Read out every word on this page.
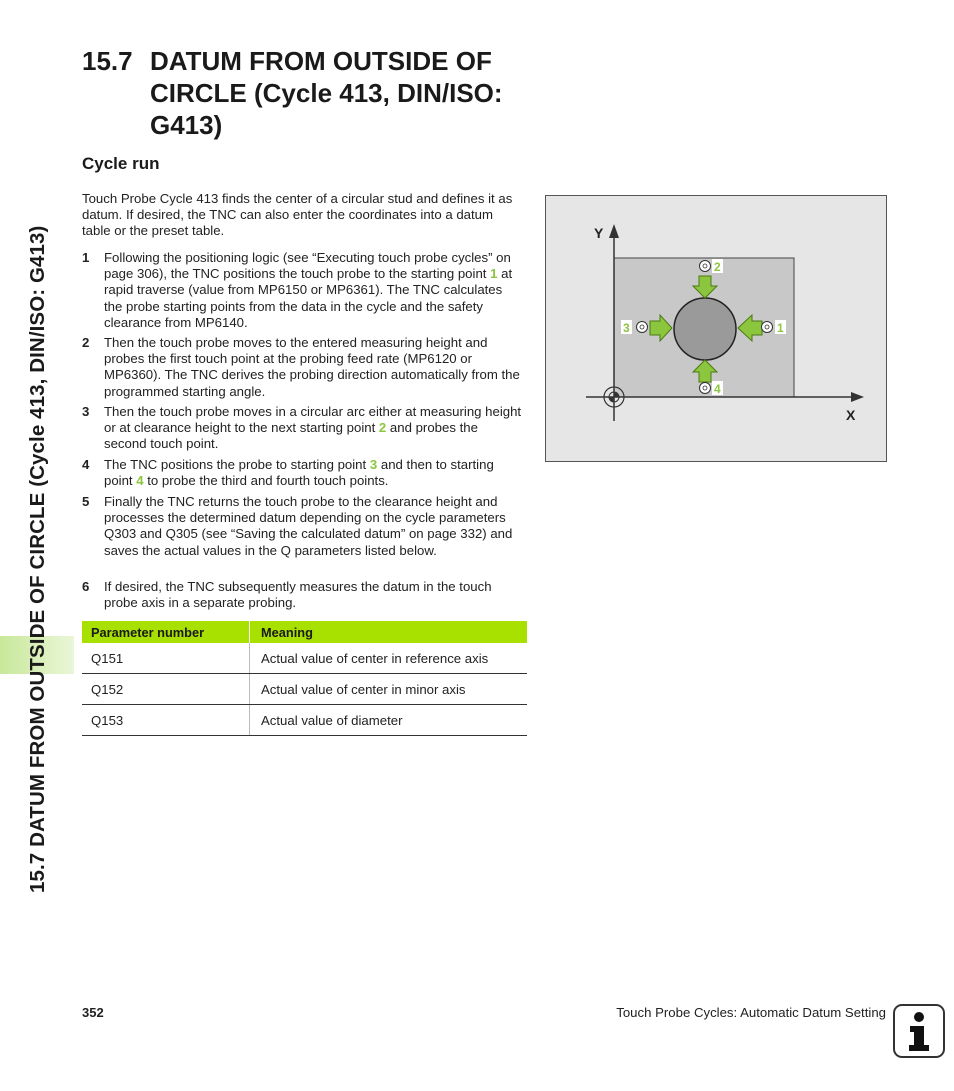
15.7 DATUM FROM OUTSIDE OF CIRCLE (Cycle 413, DIN/ISO: G413)
15.7 DATUM FROM OUTSIDE OF CIRCLE (Cycle 413, DIN/ISO: G413)
Cycle run
Touch Probe Cycle 413 finds the center of a circular stud and defines it as datum. If desired, the TNC can also enter the coordinates into a datum table or the preset table.
1 Following the positioning logic (see “Executing touch probe cycles” on page 306), the TNC positions the touch probe to the starting point 1 at rapid traverse (value from MP6150 or MP6361). The TNC calculates the probe starting points from the data in the cycle and the safety clearance from MP6140.
2 Then the touch probe moves to the entered measuring height and probes the first touch point at the probing feed rate (MP6120 or MP6360). The TNC derives the probing direction automatically from the programmed starting angle.
3 Then the touch probe moves in a circular arc either at measuring height or at clearance height to the next starting point 2 and probes the second touch point.
4 The TNC positions the probe to starting point 3 and then to starting point 4 to probe the third and fourth touch points.
5 Finally the TNC returns the touch probe to the clearance height and processes the determined datum depending on the cycle parameters Q303 and Q305 (see “Saving the calculated datum” on page 332) and saves the actual values in the Q parameters listed below.
6 If desired, the TNC subsequently measures the datum in the touch probe axis in a separate probing.
Parameter number	Meaning
Q151	Actual value of center in reference axis
Q152	Actual value of center in minor axis
Q153	Actual value of diameter
X
Y
2
4
3	1
352	Touch Probe Cycles: Automatic Datum Setting
